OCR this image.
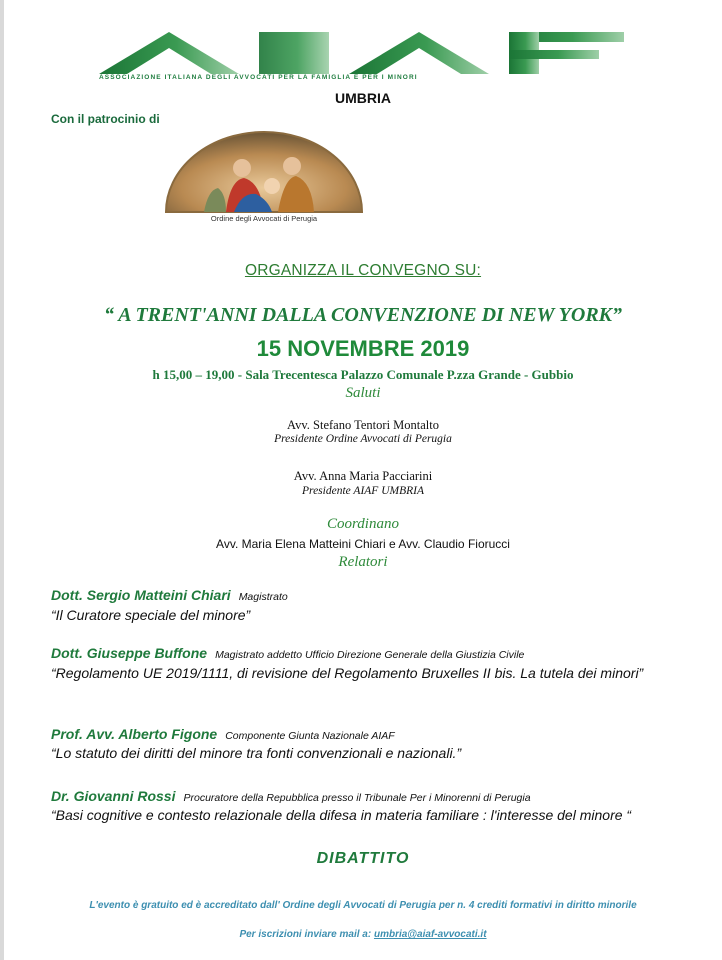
ASSOCIAZIONE ITALIANA DEGLI AVVOCATI PER LA FAMIGLIA E PER I MINORI
UMBRIA
Con il patrocinio di
Ordine degli Avvocati di Perugia
ORGANIZZA IL CONVEGNO SU:
“ A TRENT'ANNI DALLA CONVENZIONE DI NEW YORK”
15 NOVEMBRE 2019
h 15,00 – 19,00 - Sala Trecentesca Palazzo Comunale P.zza Grande - Gubbio
Saluti
Avv. Stefano Tentori Montalto
Presidente Ordine Avvocati di Perugia
Avv. Anna Maria Pacciarini
Presidente AIAF UMBRIA
Coordinano
Avv. Maria Elena Matteini Chiari e Avv. Claudio Fiorucci
Relatori
Dott. Sergio Matteini Chiari Magistrato
“Il Curatore speciale del minore”
Dott. Giuseppe Buffone Magistrato addetto Ufficio Direzione Generale della Giustizia Civile
“Regolamento UE 2019/1111, di revisione del Regolamento Bruxelles II bis. La tutela dei minori”
Prof. Avv. Alberto Figone Componente Giunta Nazionale AIAF
“Lo statuto dei diritti del minore tra fonti convenzionali e nazionali.”
Dr. Giovanni Rossi Procuratore della Repubblica presso il Tribunale Per i Minorenni di Perugia
“Basi cognitive e contesto relazionale della difesa in materia familiare : l'interesse del minore “
DIBATTITO
L'evento è gratuito ed è accreditato dall' Ordine degli Avvocati di Perugia per n. 4 crediti formativi in diritto minorile
Per iscrizioni inviare mail a: umbria@aiaf-avvocati.it
